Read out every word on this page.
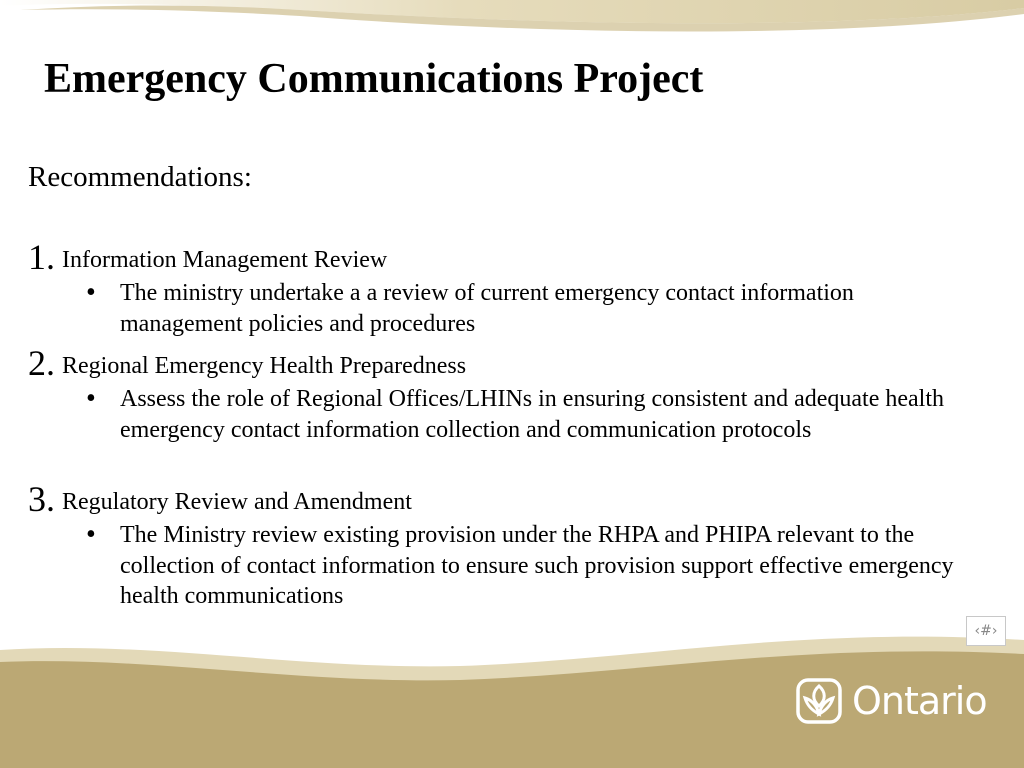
Emergency Communications Project

Recommendations:

1. Information Management Review
• The ministry undertake a a review of current emergency contact information management policies and procedures
2. Regional Emergency Health Preparedness
• Assess the role of Regional Offices/LHINs in ensuring consistent and adequate health emergency contact information collection and communication protocols
3. Regulatory Review and Amendment
• The Ministry review existing provision under the RHPA and PHIPA relevant to the collection of contact information to ensure such provision support effective emergency health communications
‹#›
Ontario
